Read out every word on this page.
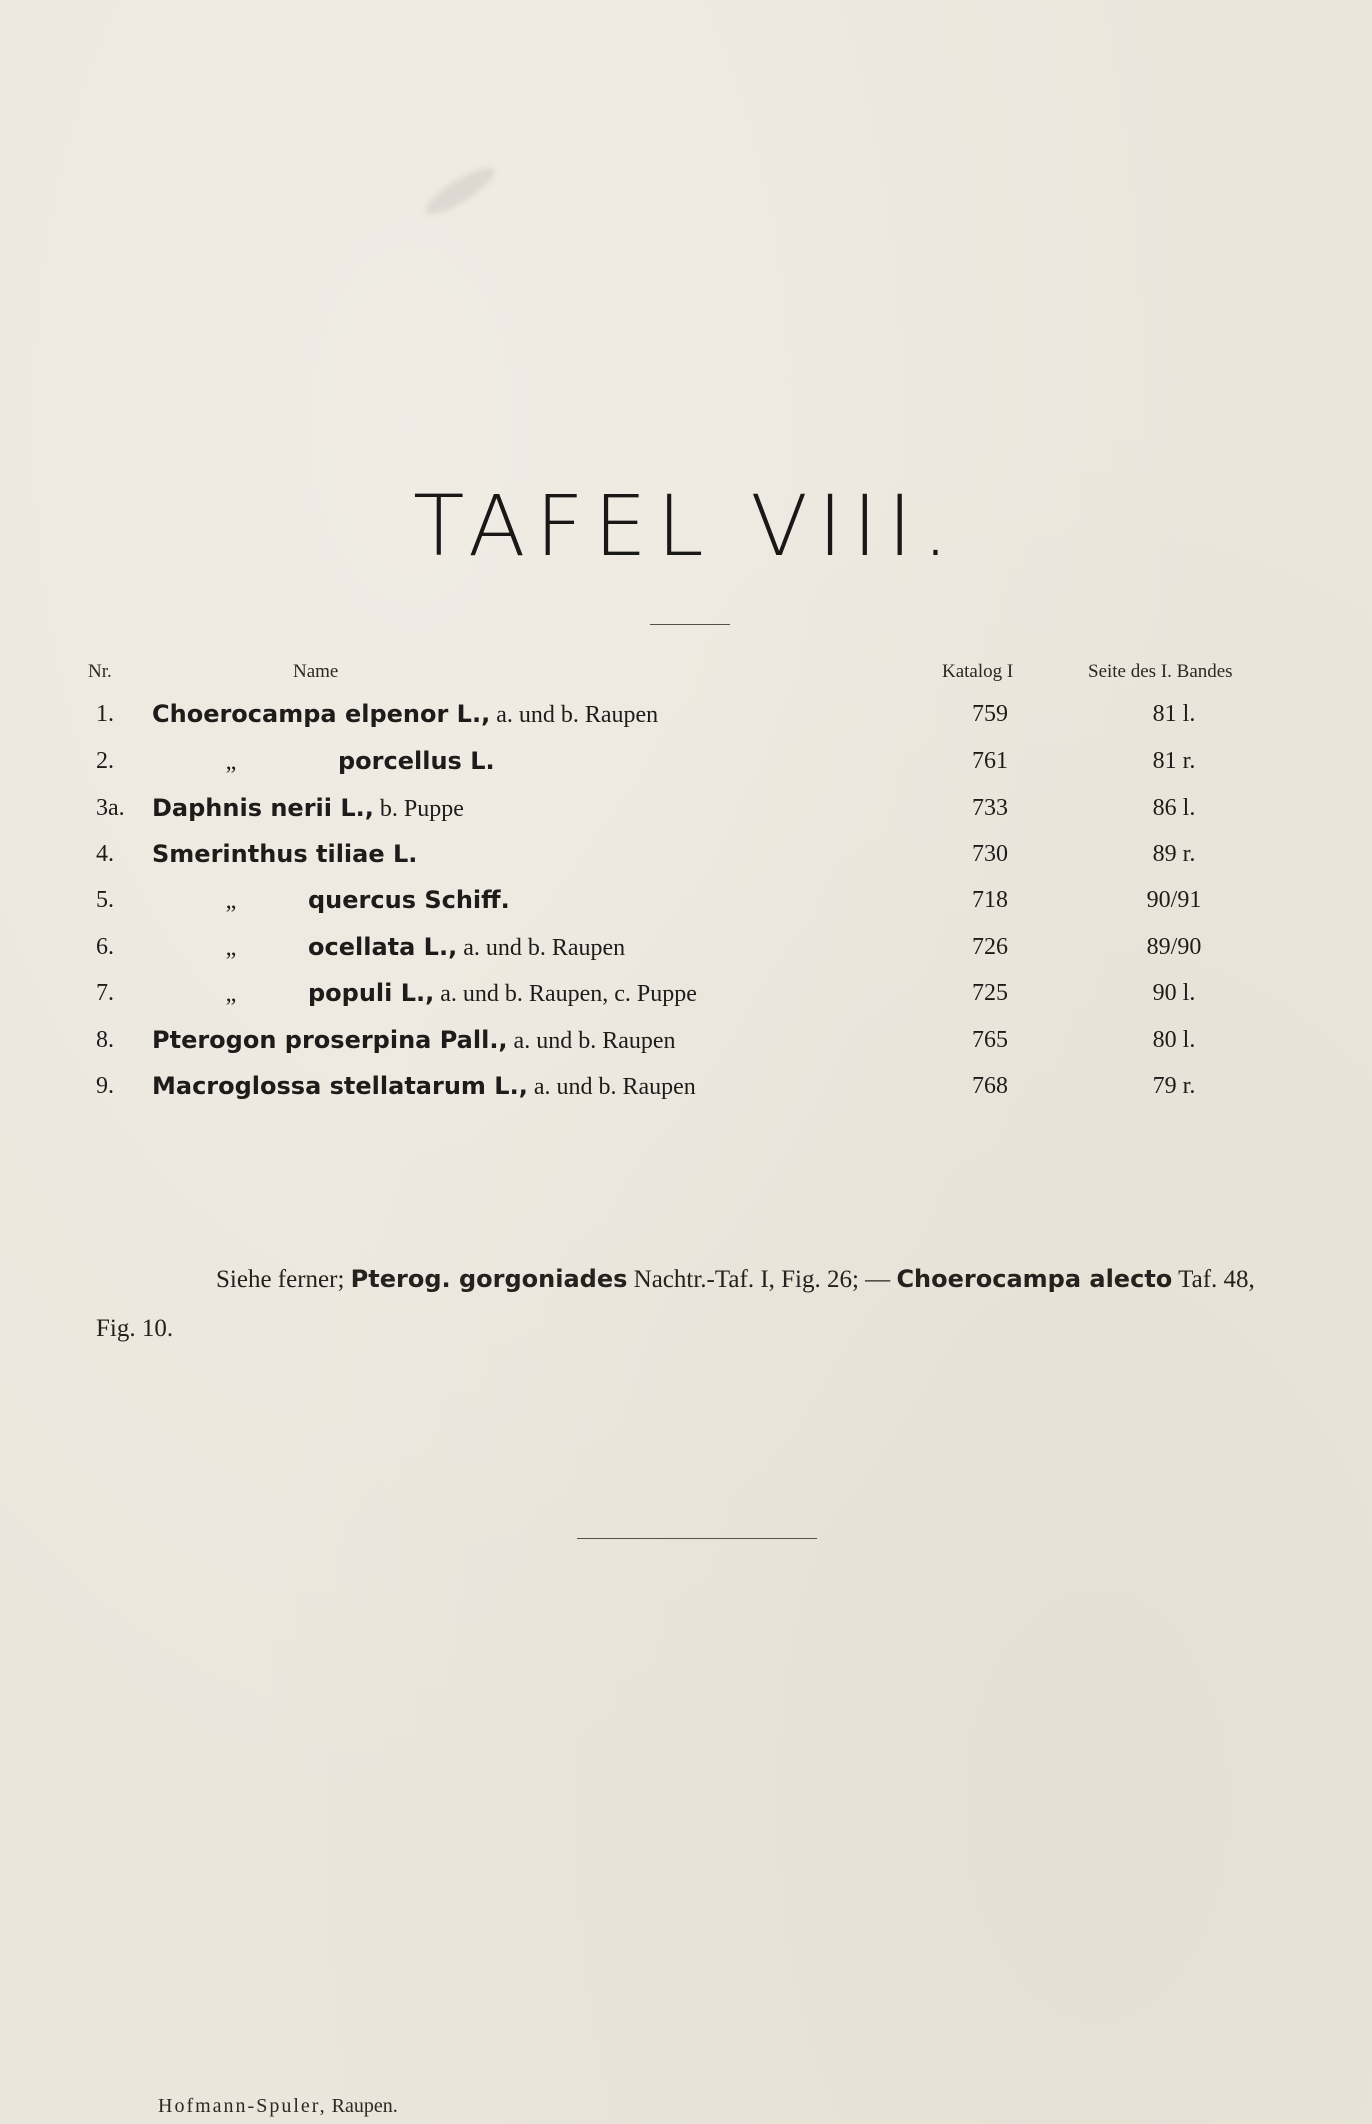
TAFEL VIII.
Nr.	Name	Katalog I	Seite des I. Bandes
1. Choerocampa elpenor L., a. und b. Raupen	759	81 l.
2.	„	porcellus L.	761	81 r.
3a. Daphnis nerii L., b. Puppe	733	86 l.
4. Smerinthus tiliae L.	730	89 r.
5.	„	quercus Schiff.	718	90/91
6.	„	ocellata L., a. und b. Raupen	726	89/90
7.	„	populi L., a. und b. Raupen, c. Puppe	725	90 l.
8. Pterogon proserpina Pall., a. und b. Raupen	765	80 l.
9. Macroglossa stellatarum L., a. und b. Raupen	768	79 r.
Siehe ferner; Pterog. gorgoniades Nachtr.-Taf. I, Fig. 26; — Choerocampa alecto Taf. 48, Fig. 10.
Hofmann-Spuler, Raupen.
